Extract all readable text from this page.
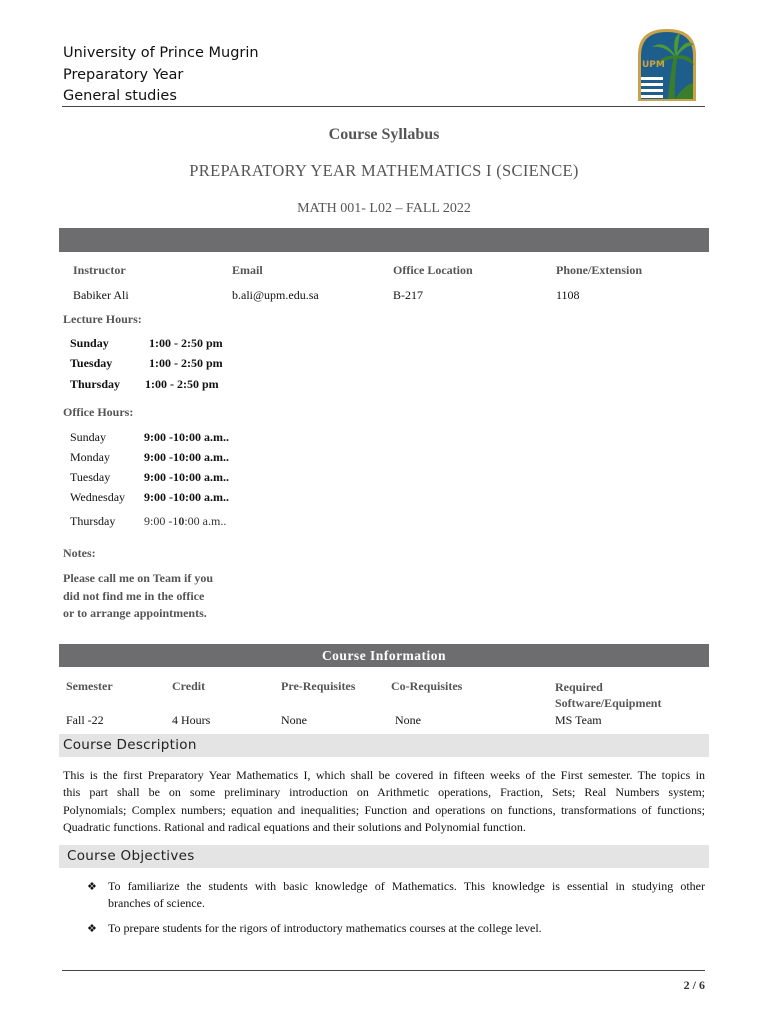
University of Prince Mugrin
Preparatory Year
General studies
UPM
Course Syllabus
PREPARATORY YEAR MATHEMATICS I (SCIENCE)
MATH 001- L02 – FALL 2022
Instructor	Email	Office Location	Phone/Extension
Babiker Ali	b.ali@upm.edu.sa	B-217	1108
Lecture Hours:
Sunday	1:00 - 2:50 pm
Tuesday	1:00 - 2:50 pm
Thursday 1:00 - 2:50 pm
Office Hours:
Sunday	9:00 -10:00 a.m..
Monday	9:00 -10:00 a.m..
Tuesday	9:00 -10:00 a.m..
Wednesday 9:00 -10:00 a.m..
Thursday 9:00 -10:00 a.m..
Notes:
Please call me on Team if you
did not find me in the office
or to arrange appointments.
Course Information
Semester	Credit	Pre-Requisites	Co-Requisites	Required
Software/Equipment
Fall -22	4 Hours	None	None	MS Team
Course Description
This is the first Preparatory Year Mathematics I, which shall be covered in fifteen weeks of the First semester. The topics in
this part shall be on some preliminary introduction on Arithmetic operations, Fraction, Sets; Real Numbers system;
Polynomials; Complex numbers; equation and inequalities; Function and operations on functions, transformations of functions;
Quadratic functions. Rational and radical equations and their solutions and Polynomial function.
Course Objectives
❖ To familiarize the students with basic knowledge of Mathematics. This knowledge is essential in studying other
branches of science.
❖ To prepare students for the rigors of introductory mathematics courses at the college level.
2 / 6
